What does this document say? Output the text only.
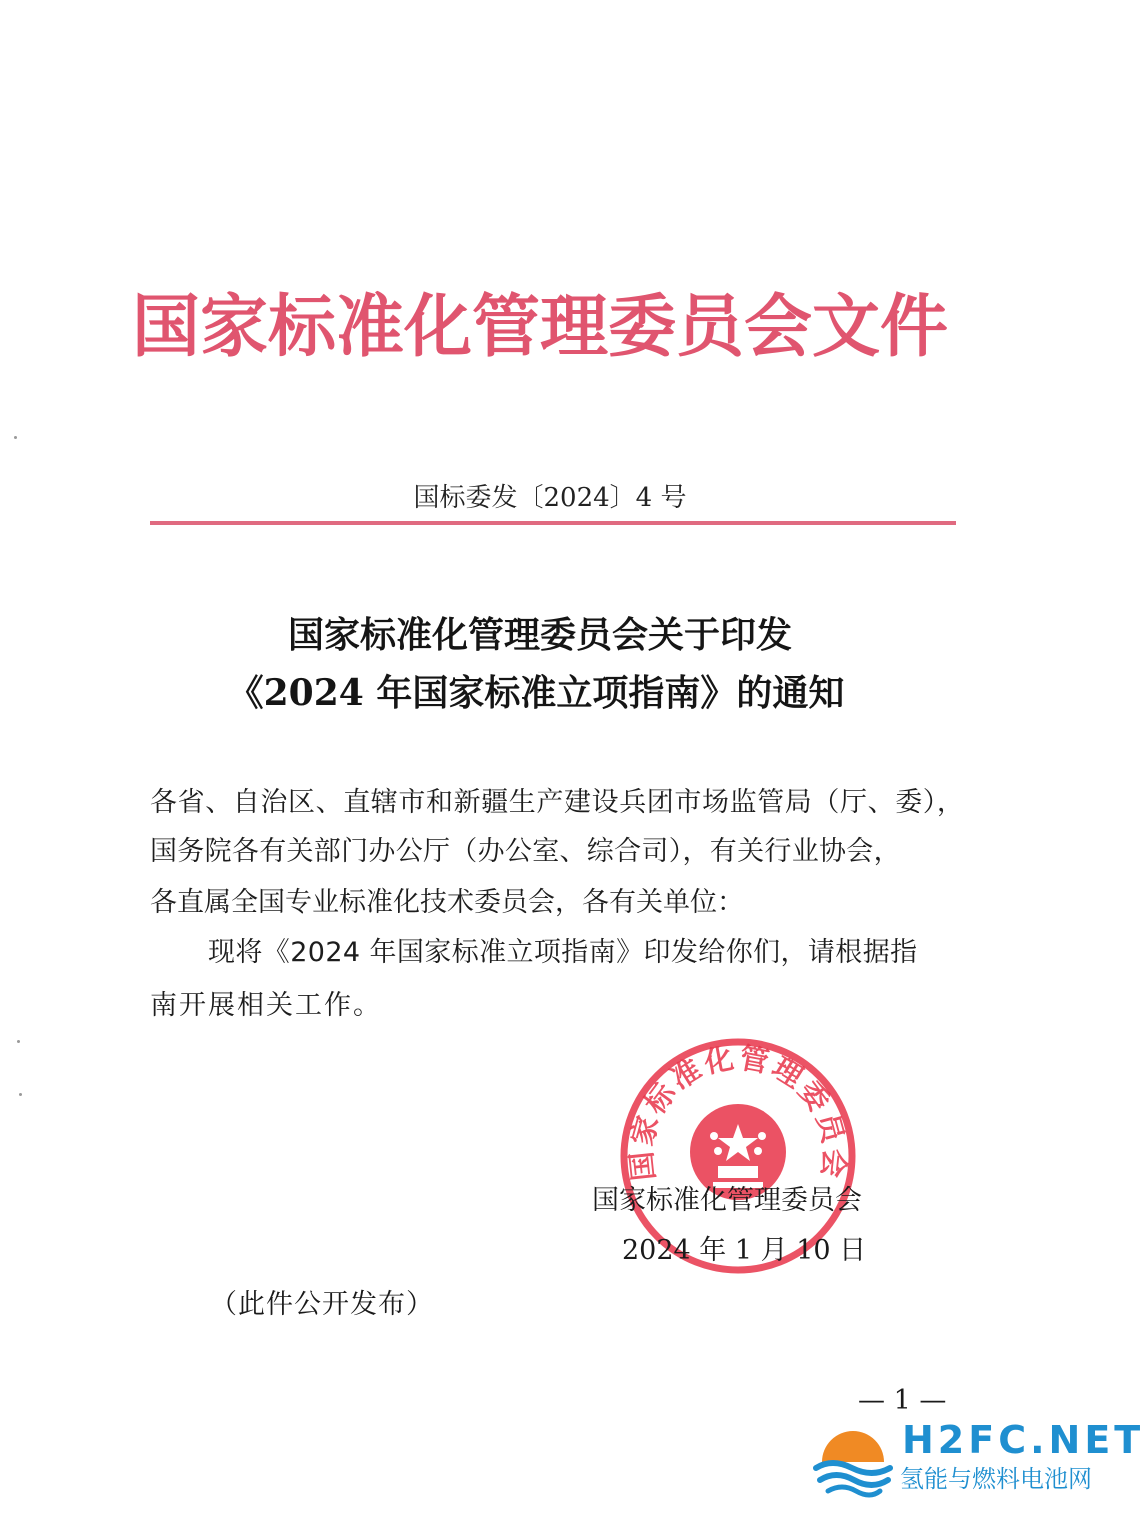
国家标准化管理委员会文件
国标委发〔2024〕4 号
国家标准化管理委员会关于印发
《2024 年国家标准立项指南》的通知
各省、自治区、直辖市和新疆生产建设兵团市场监管局（厅、委），
国务院各有关部门办公厅（办公室、综合司），有关行业协会，
各直属全国专业标准化技术委员会，各有关单位：
现将《2024 年国家标准立项指南》印发给你们，请根据指
南开展相关工作。
国家标准化管理委员会
国家标准化管理委员会
2024 年 1 月 10 日
（此件公开发布）
— 1 —
H2FC.NET
氢能与燃料电池网
